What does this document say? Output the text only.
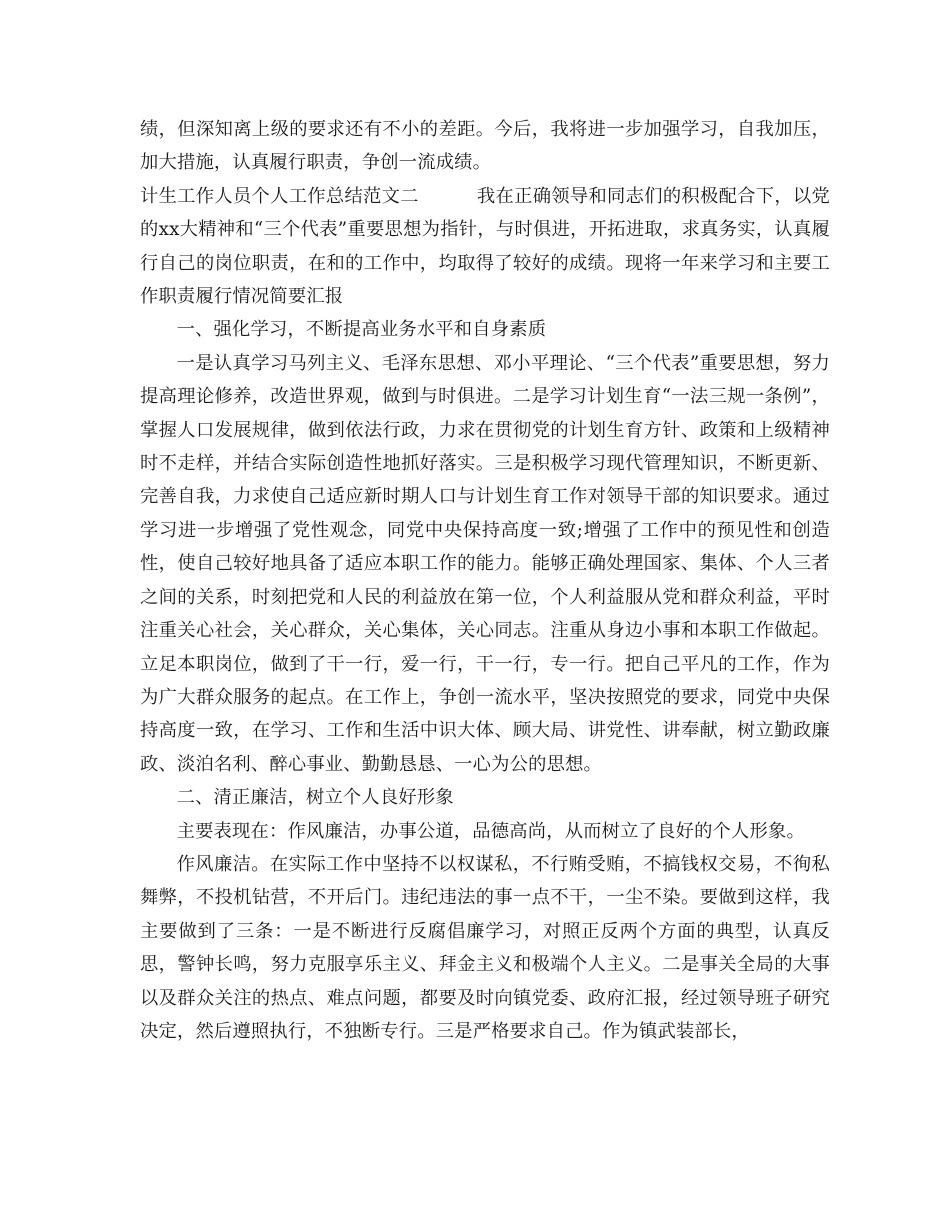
绩，但深知离上级的要求还有不小的差距。今后，我将进一步加强学习，自我加压，加大措施，认真履行职责，争创一流成绩。

计生工作人员个人工作总结范文二	我在正确领导和同志们的积极配合下，以党的xx大精神和“三个代表”重要思想为指针，与时俱进，开拓进取，求真务实，认真履行自己的岗位职责，在和的工作中，均取得了较好的成绩。现将一年来学习和主要工作职责履行情况简要汇报

一、强化学习，不断提高业务水平和自身素质

一是认真学习马列主义、毛泽东思想、邓小平理论、“三个代表”重要思想，努力提高理论修养，改造世界观，做到与时俱进。二是学习计划生育“一法三规一条例”，掌握人口发展规律，做到依法行政，力求在贯彻党的计划生育方针、政策和上级精神时不走样，并结合实际创造性地抓好落实。三是积极学习现代管理知识，不断更新、完善自我，力求使自己适应新时期人口与计划生育工作对领导干部的知识要求。通过学习进一步增强了党性观念，同党中央保持高度一致;增强了工作中的预见性和创造性，使自己较好地具备了适应本职工作的能力。能够正确处理国家、集体、个人三者之间的关系，时刻把党和人民的利益放在第一位，个人利益服从党和群众利益，平时注重关心社会，关心群众，关心集体，关心同志。注重从身边小事和本职工作做起。立足本职岗位，做到了干一行，爱一行，干一行，专一行。把自己平凡的工作，作为为广大群众服务的起点。在工作上，争创一流水平，坚决按照党的要求，同党中央保持高度一致，在学习、工作和生活中识大体、顾大局、讲党性、讲奉献，树立勤政廉政、淡泊名利、醉心事业、勤勤恳恳、一心为公的思想。

二、清正廉洁，树立个人良好形象

主要表现在：作风廉洁，办事公道，品德高尚，从而树立了良好的个人形象。

作风廉洁。在实际工作中坚持不以权谋私，不行贿受贿，不搞钱权交易，不徇私舞弊，不投机钻营，不开后门。违纪违法的事一点不干，一尘不染。要做到这样，我主要做到了三条：一是不断进行反腐倡廉学习，对照正反两个方面的典型，认真反思，警钟长鸣，努力克服享乐主义、拜金主义和极端个人主义。二是事关全局的大事以及群众关注的热点、难点问题，都要及时向镇党委、政府汇报，经过领导班子研究决定，然后遵照执行，不独断专行。三是严格要求自己。作为镇武装部长，
